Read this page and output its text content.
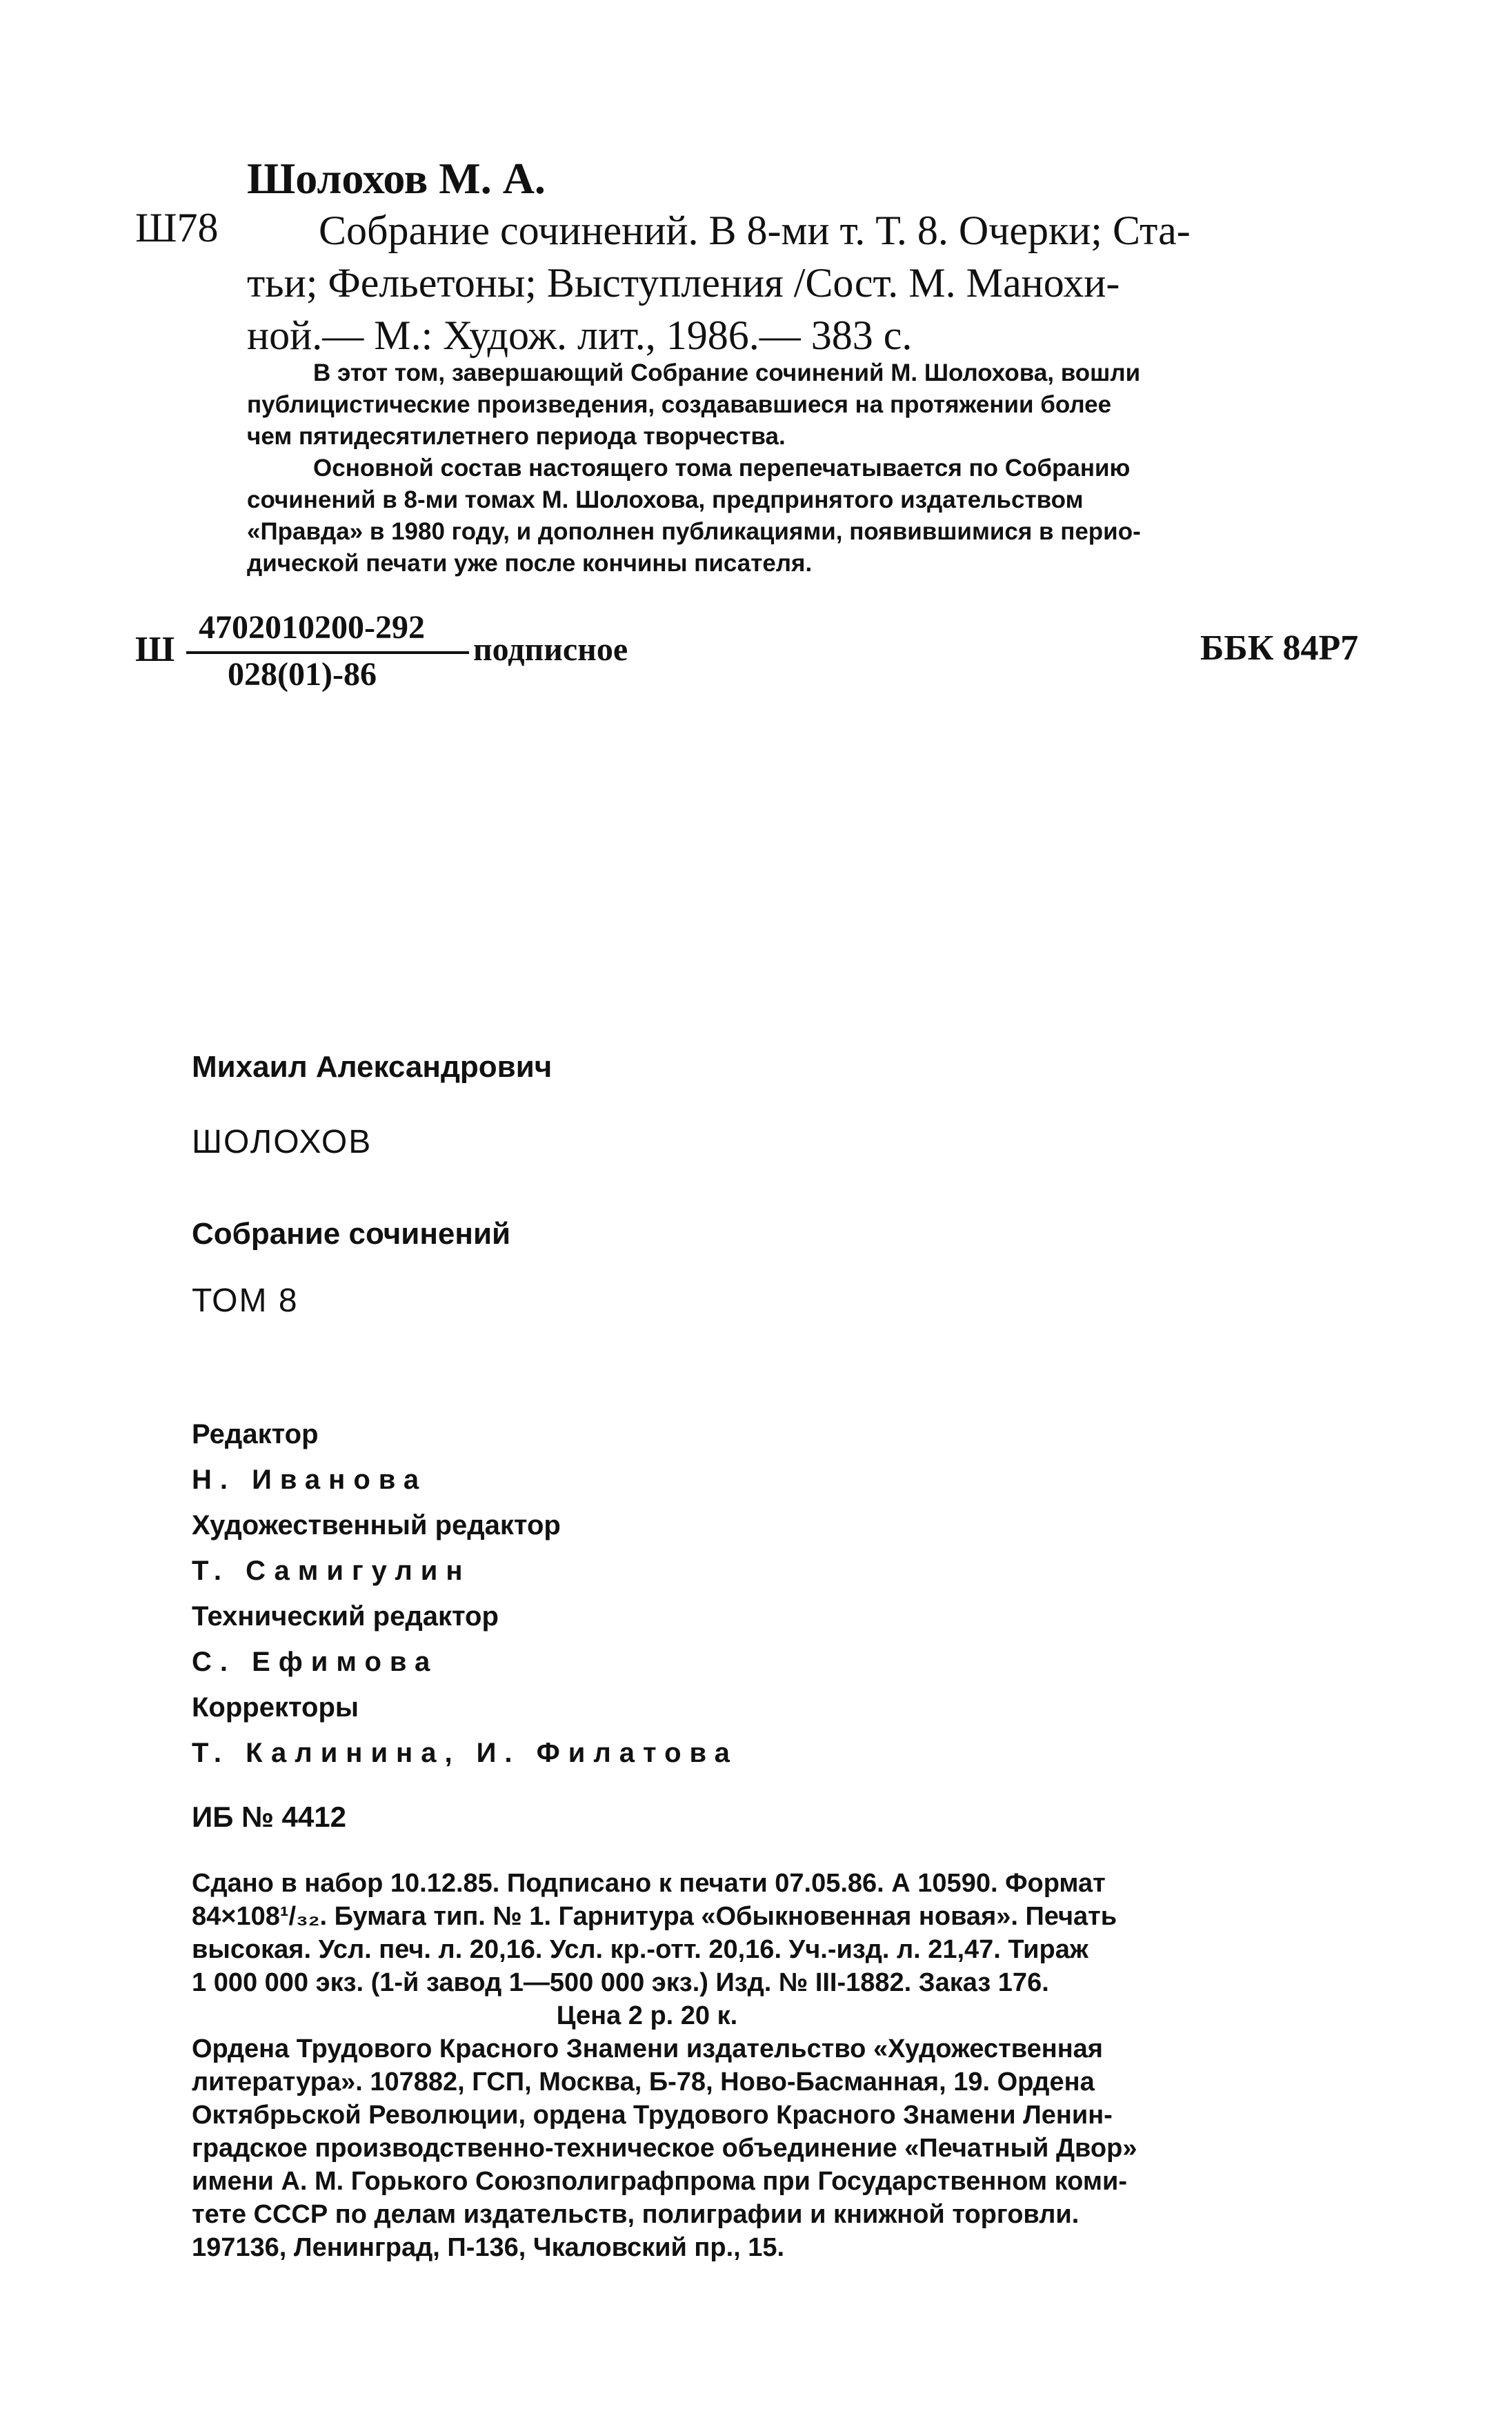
Шолохов М. А.
Ш78	Собрание сочинений. В 8-ми т. Т. 8. Очерки; Ста-
тьи; Фельетоны; Выступления /Сост. М. Манохи-
ной.— М.: Худож. лит., 1986.— 383 с.
В этот том, завершающий Собрание сочинений М. Шолохова, вошли
публицистические произведения, создававшиеся на протяжении более
чем пятидесятилетнего периода творчества.
Основной состав настоящего тома перепечатывается по Собранию
сочинений в 8-ми томах М. Шолохова, предпринятого издательством
«Правда» в 1980 году, и дополнен публикациями, появившимися в перио-
дической печати уже после кончины писателя.
Ш
4702010200-292
028(01)-86
подписное	ББК 84Р7
Михаил Александрович
ШОЛОХОВ
Собрание сочинений
ТОМ 8
Редактор
Н. Иванова
Художественный редактор
Т. Самигулин
Технический редактор
С. Ефимова
Корректоры
Т. Калинина, И. Филатова
ИБ № 4412
Сдано в набор 10.12.85. Подписано к печати 07.05.86. А 10590. Формат
84×108¹/₃₂. Бумага тип. № 1. Гарнитура «Обыкновенная новая». Печать
высокая. Усл. печ. л. 20,16. Усл. кр.-отт. 20,16. Уч.-изд. л. 21,47. Тираж
1 000 000 экз. (1-й завод 1—500 000 экз.) Изд. № III-1882. Заказ 176.
Цена 2 р. 20 к.
Ордена Трудового Красного Знамени издательство «Художественная
литература». 107882, ГСП, Москва, Б-78, Ново-Басманная, 19. Ордена
Октябрьской Революции, ордена Трудового Красного Знамени Ленин-
градское производственно-техническое объединение «Печатный Двор»
имени А. М. Горького Союзполиграфпрома при Государственном коми-
тете СССР по делам издательств, полиграфии и книжной торговли.
197136, Ленинград, П-136, Чкаловский пр., 15.
